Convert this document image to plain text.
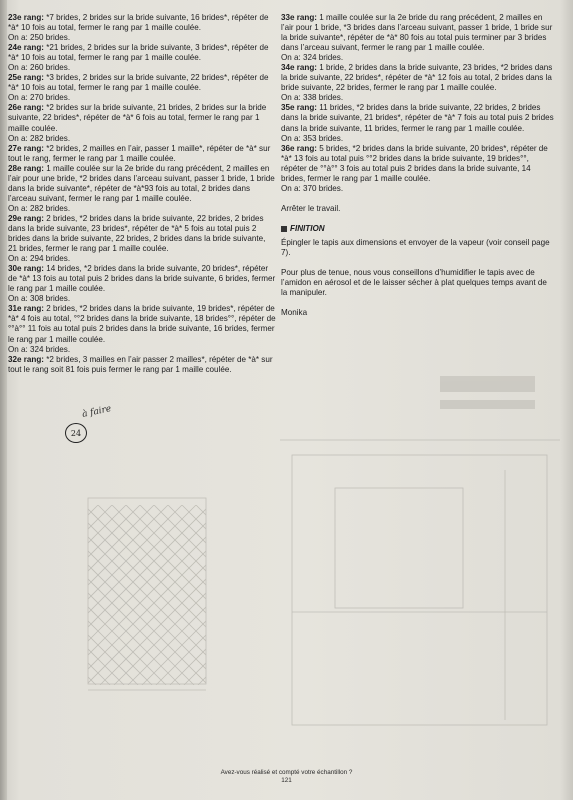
23e rang: *7 brides, 2 brides sur la bride suivante, 16 brides*, répéter de *à* 10 fois au total, fermer le rang par 1 maille coulée.
On a: 250 brides.

24e rang: *21 brides, 2 brides sur la bride suivante, 3 brides*, répéter de *à* 10 fois au total, fermer le rang par 1 maille coulée.
On a: 260 brides.

25e rang: *3 brides, 2 brides sur la bride suivante, 22 brides*, répéter de *à* 10 fois au total, fermer le rang par 1 maille coulée.
On a: 270 brides.

26e rang: *2 brides sur la bride suivante, 21 brides, 2 brides sur la bride suivante, 22 brides*, répéter de *à* 6 fois au total, fermer le rang par 1 maille coulée.
On a: 282 brides.

27e rang: *2 brides, 2 mailles en l’air, passer 1 maille*, répéter de *à* sur tout le rang, fermer le rang par 1 maille coulée.

28e rang: 1 maille coulée sur la 2e bride du rang précédent, 2 mailles en l’air pour une bride, *2 brides dans l’arceau suivant, passer 1 bride, 1 bride dans la bride suivante*, répéter de *à*93 fois au total, 2 brides dans l’arceau suivant, fermer le rang par 1 maille coulée.
On a: 282 brides.

29e rang: 2 brides, *2 brides dans la bride suivante, 22 brides, 2 brides dans la bride suivante, 23 brides*, répéter de *à* 5 fois au total puis 2 brides dans la bride suivante, 22 brides, 2 brides dans la bride suivante, 21 brides, fermer le rang par 1 maille coulée.
On a: 294 brides.

30e rang: 14 brides, *2 brides dans la bride suivante, 20 brides*, répéter de *à* 13 fois au total puis 2 brides dans la bride suivante, 6 brides, fermer le rang par 1 maille coulée.
On a: 308 brides.

31e rang: 2 brides, *2 brides dans la bride suivante, 19 brides*, répéter de *à* 4 fois au total, °°2 brides dans la bride suivante, 18 brides°°, répéter de °°à°° 11 fois au total puis 2 brides dans la bride suivante, 16 brides, fermer le rang par 1 maille coulée.
On a: 324 brides.

32e rang: *2 brides, 3 mailles en l’air passer 2 mailles*, répéter de *à* sur tout le rang soit 81 fois puis fermer le rang par 1 maille coulée.

33e rang: 1 maille coulée sur la 2e bride du rang précédent, 2 mailles en l’air pour 1 bride, *3 brides dans l’arceau suivant, passer 1 bride, 1 bride sur la bride suivante*, répéter de *à* 80 fois au total puis terminer par 3 brides dans l’arceau suivant, fermer le rang par 1 maille coulée.
On a: 324 brides.

34e rang: 1 bride, 2 brides dans la bride suivante, 23 brides, *2 brides dans la bride suivante, 22 brides*, répéter de *à* 12 fois au total, 2 brides dans la bride suivante, 22 brides, fermer le rang par 1 maille coulée.
On a: 338 brides.

35e rang: 11 brides, *2 brides dans la bride suivante, 22 brides, 2 brides dans la bride suivante, 21 brides*, répéter de *à* 7 fois au total puis 2 brides dans la bride suivante, 11 brides, fermer le rang par 1 maille coulée.
On a: 353 brides.

36e rang: 5 brides, *2 brides dans la bride suivante, 20 brides*, répéter de *à* 13 fois au total puis °°2 brides dans la bride suivante, 19 brides°°, répéter de °°à°° 3 fois au total puis 2 brides dans la bride suivante, 14 brides, fermer le rang par 1 maille coulée.
On a: 370 brides.

Arrêter le travail.

FINITION

Épingler le tapis aux dimensions et envoyer de la vapeur (voir conseil page 7).

Pour plus de tenue, nous vous conseillons d’humidifier le tapis avec de l’amidon en aérosol et de le laisser sécher à plat quelques temps avant de la manipuler.

Monika

à faire
24
Avez-vous réalisé et compté votre échantillon ?
121
